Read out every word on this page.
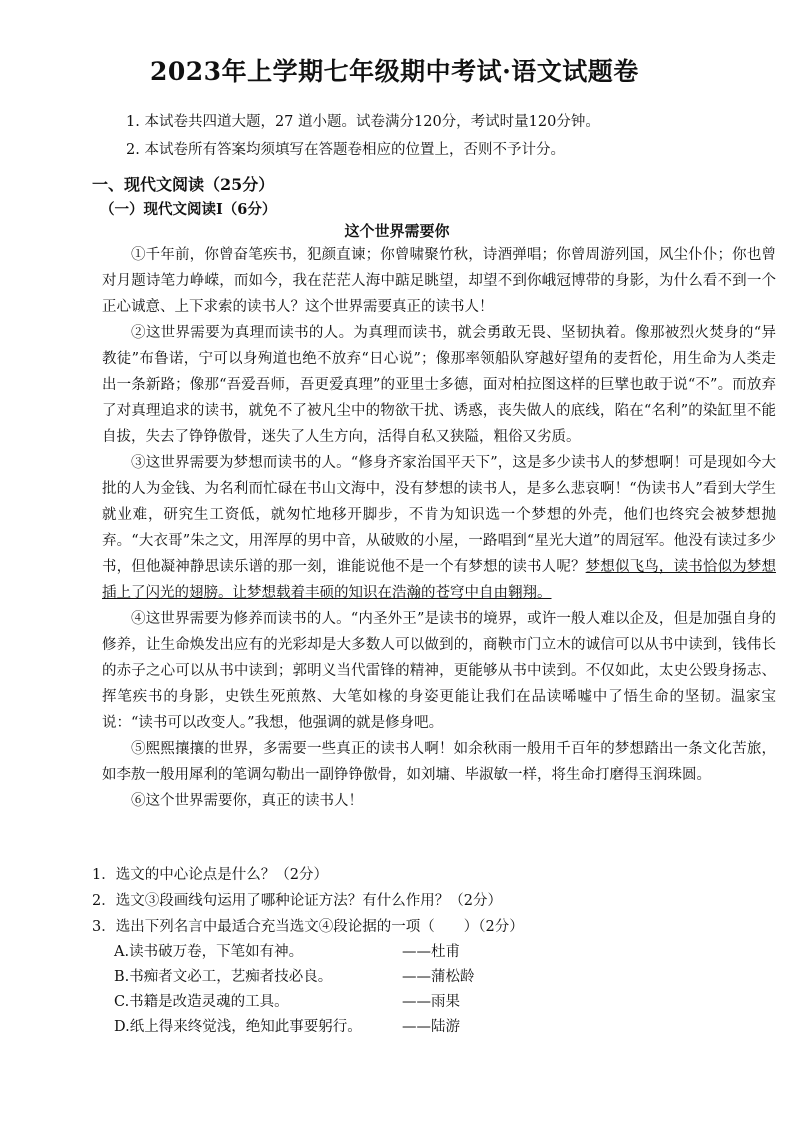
2023年上学期七年级期中考试·语文试题卷
1. 本试卷共四道大题，27 道小题。试卷满分120分，考试时量120分钟。
2. 本试卷所有答案均须填写在答题卷相应的位置上，否则不予计分。
一、现代文阅读（25分）
（一）现代文阅读Ⅰ（6分）
这个世界需要你

①千年前，你曾奋笔疾书，犯颜直谏；你曾啸聚竹秋，诗酒弹唱；你曾周游列国，风尘仆仆；你也曾对月题诗笔力峥嵘，而如今，我在茫茫人海中踮足眺望，却望不到你峨冠博带的身影，为什么看不到一个正心诚意、上下求索的读书人？这个世界需要真正的读书人！

②这世界需要为真理而读书的人。为真理而读书，就会勇敢无畏、坚韧执着。像那被烈火焚身的“异教徒”布鲁诺，宁可以身殉道也绝不放弃“日心说”；像那率领船队穿越好望角的麦哲伦，用生命为人类走出一条新路；像那“吾爱吾师，吾更爱真理”的亚里士多德，面对柏拉图这样的巨擘也敢于说“不”。而放弃了对真理追求的读书，就免不了被凡尘中的物欲干扰、诱惑，丧失做人的底线，陷在“名利”的染缸里不能自拔，失去了铮铮傲骨，迷失了人生方向，活得自私又狭隘，粗俗又劣质。

③这世界需要为梦想而读书的人。“修身齐家治国平天下”，这是多少读书人的梦想啊！可是现如今大批的人为金钱、为名利而忙碌在书山文海中，没有梦想的读书人，是多么悲哀啊！“伪读书人”看到大学生就业难，研究生工资低，就匆忙地移开脚步，不肯为知识选一个梦想的外壳，他们也终究会被梦想抛弃。“大衣哥”朱之文，用浑厚的男中音，从破败的小屋，一路唱到“星光大道”的周冠军。他没有读过多少书，但他凝神静思读乐谱的那一刻，谁能说他不是一个有梦想的读书人呢？梦想似飞鸟，读书恰似为梦想插上了闪光的翅膀。让梦想载着丰硕的知识在浩瀚的苍穹中自由翱翔。

④这世界需要为修养而读书的人。“内圣外王”是读书的境界，或许一般人难以企及，但是加强自身的修养，让生命焕发出应有的光彩却是大多数人可以做到的，商鞅市门立木的诚信可以从书中读到，钱伟长的赤子之心可以从书中读到；郭明义当代雷锋的精神，更能够从书中读到。不仅如此，太史公毁身扬志、挥笔疾书的身影，史铁生死煎熬、大笔如椽的身姿更能让我们在品读唏嘘中了悟生命的坚韧。温家宝说：“读书可以改变人。”我想，他强调的就是修身吧。

⑤熙熙攘攘的世界，多需要一些真正的读书人啊！如余秋雨一般用千百年的梦想踏出一条文化苦旅，如李敖一般用犀利的笔调勾勒出一副铮铮傲骨，如刘墉、毕淑敏一样，将生命打磨得玉润珠圆。

⑥这个世界需要你，真正的读书人！

1．选文的中心论点是什么？（2分）
2．选文③段画线句运用了哪种论证方法？有什么作用？（2分）
3．选出下列名言中最适合充当选文④段论据的一项（　　）（2分）
A.读书破万卷，下笔如有神。	——杜甫
B.书痴者文必工，艺痴者技必良。	——蒲松龄
C.书籍是改造灵魂的工具。	——雨果
D.纸上得来终觉浅，绝知此事要躬行。	——陆游
